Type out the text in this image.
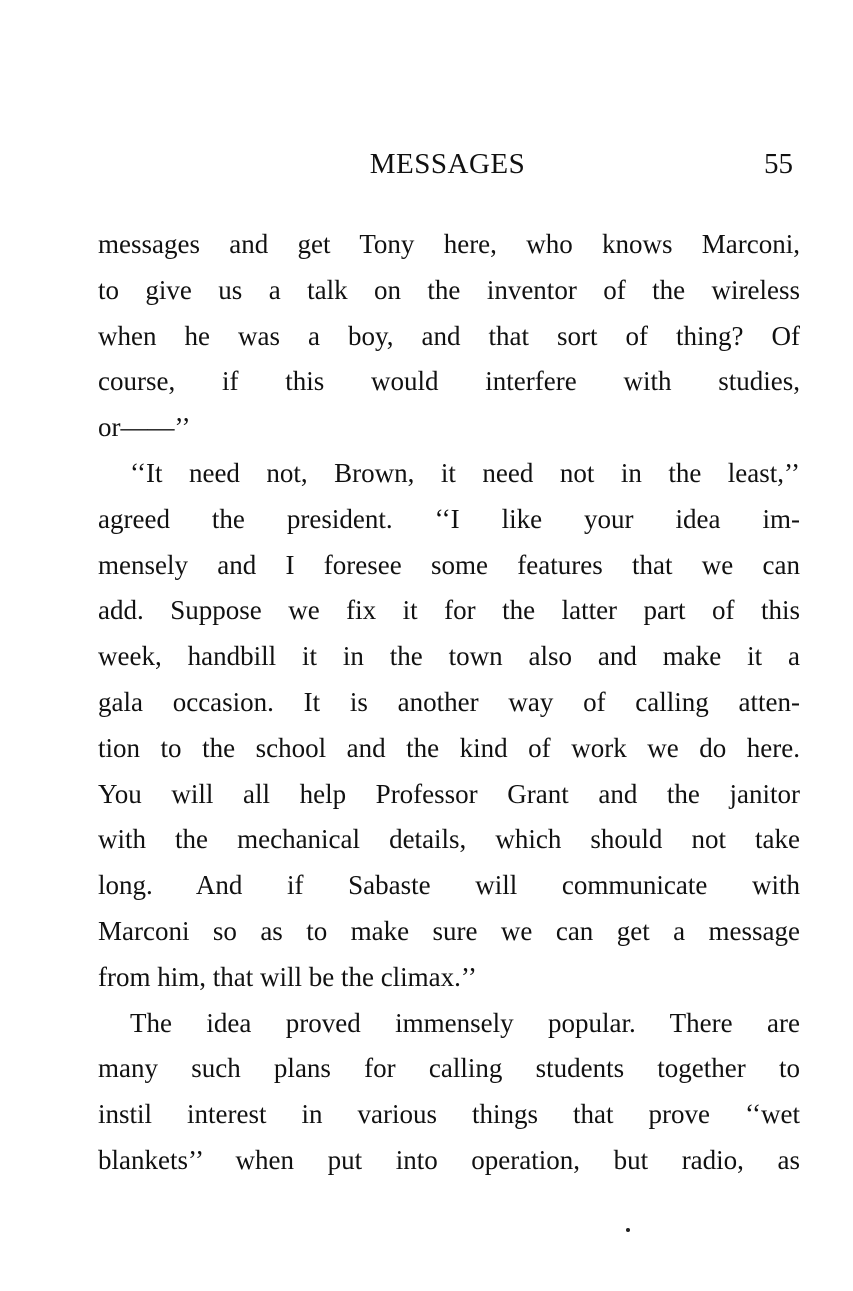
MESSAGES	55
messages and get Tony here, who knows Marconi,
to give us a talk on the inventor of the wireless
when he was a boy, and that sort of thing? Of
course, if this would interfere with studies,
or——’’
‘‘It need not, Brown, it need not in the least,’’
agreed the president. ‘‘I like your idea im-
mensely and I foresee some features that we can
add. Suppose we fix it for the latter part of this
week, handbill it in the town also and make it a
gala occasion. It is another way of calling atten-
tion to the school and the kind of work we do here.
You will all help Professor Grant and the janitor
with the mechanical details, which should not take
long. And if Sabaste will communicate with
Marconi so as to make sure we can get a message
from him, that will be the climax.’’
The idea proved immensely popular. There are
many such plans for calling students together to
instil interest in various things that prove ‘‘wet
blankets’’ when put into operation, but radio, as
